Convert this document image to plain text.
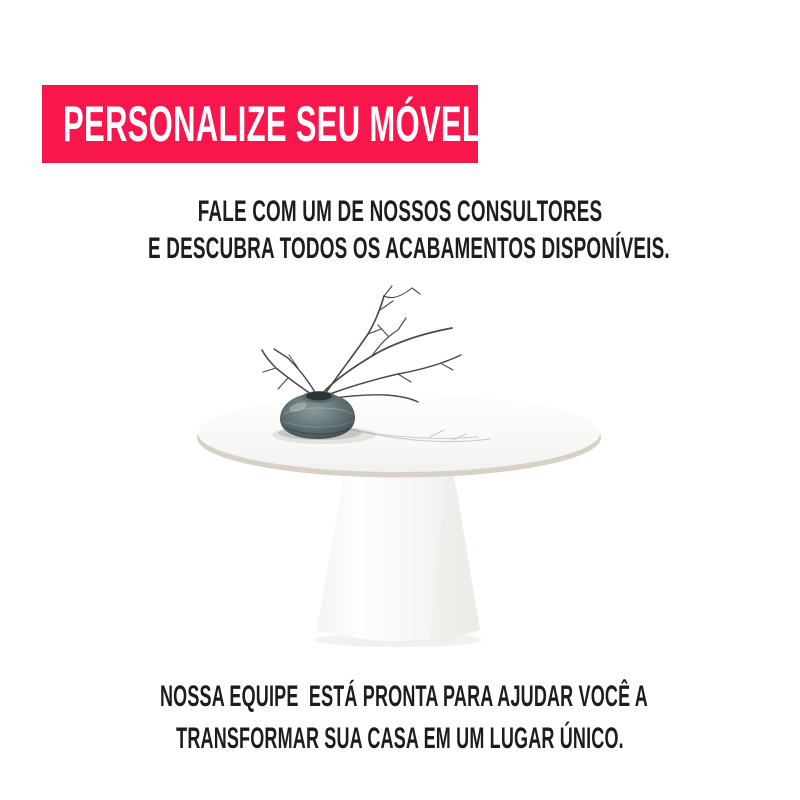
PERSONALIZE SEU MÓVEL
FALE COM UM DE NOSSOS CONSULTORES
E DESCUBRA TODOS OS ACABAMENTOS DISPONÍVEIS.
NOSSA EQUIPE  ESTÁ PRONTA PARA AJUDAR VOCÊ A
TRANSFORMAR SUA CASA EM UM LUGAR ÚNICO.
